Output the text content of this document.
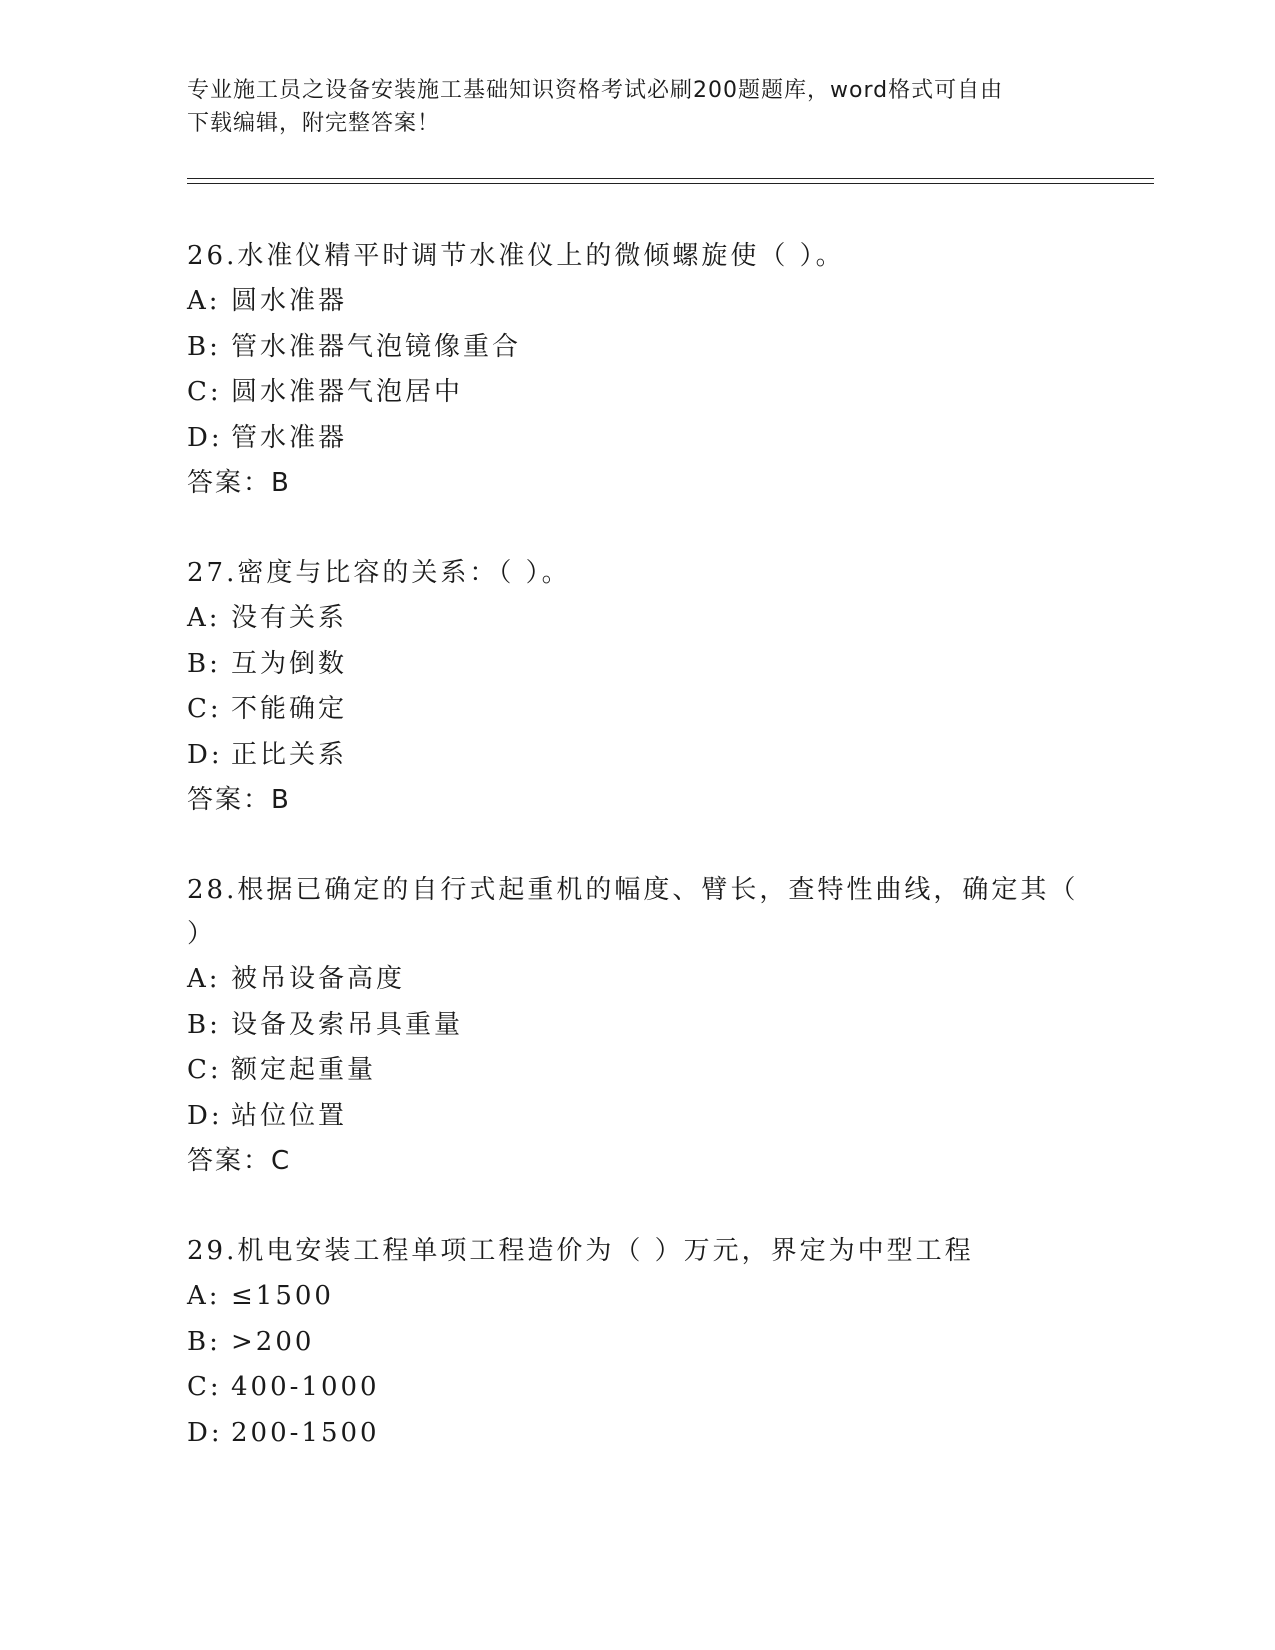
专业施工员之设备安装施工基础知识资格考试必刷200题题库，word格式可自由
下载编辑，附完整答案！
26.水准仪精平时调节水准仪上的微倾螺旋使（ ）。
A: 圆水准器
B: 管水准器气泡镜像重合
C: 圆水准器气泡居中
D: 管水准器
答案：B
27.密度与比容的关系：（ ）。
A: 没有关系
B: 互为倒数
C: 不能确定
D: 正比关系
答案：B
28.根据已确定的自行式起重机的幅度、臂长，查特性曲线，确定其（ ）
A: 被吊设备高度
B: 设备及索吊具重量
C: 额定起重量
D: 站位位置
答案：C
29.机电安装工程单项工程造价为（ ）万元，界定为中型工程
A: ≤1500
B: >200
C: 400-1000
D: 200-1500
